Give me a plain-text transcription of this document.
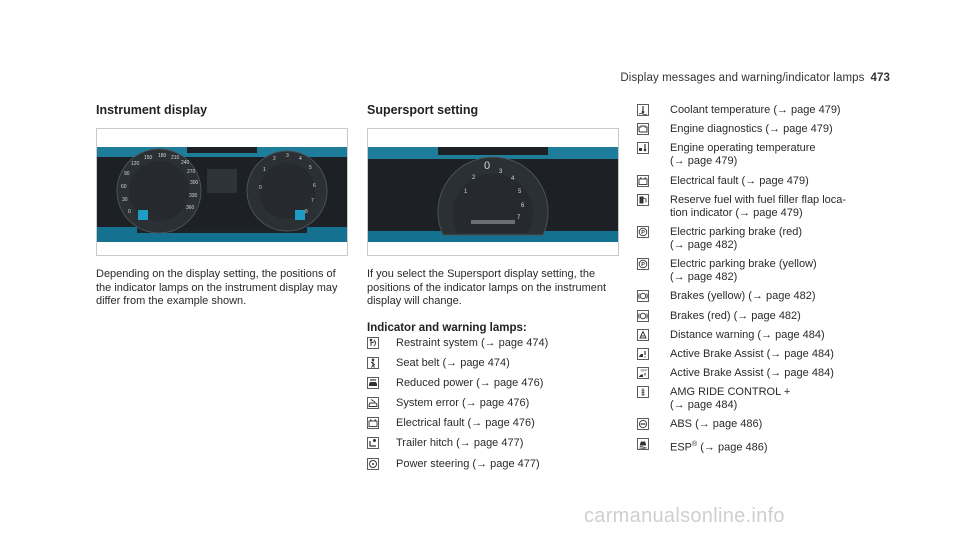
Display messages and warning/indicator lamps 473
Instrument display
150 180 210
240
120
270
90
300
60
330
30
360
0
2 3 4
5
1
6
0
7
8

Depending on the display setting, the positions of the indicator lamps on the instrument display may differ from the example shown.

Supersport setting
0
2
3
4
5
1
6
7

If you select the Supersport display setting, the positions of the indicator lamps on the instrument display will change.

Indicator and warning lamps:
Restraint system (→ page 474)
Seat belt (→ page 474)
Reduced power (→ page 476)
System error (→ page 476)
Electrical fault (→ page 476)
Trailer hitch (→ page 477)
Power steering (→ page 477)
Coolant temperature (→ page 479)
Engine diagnostics (→ page 479)
Engine operating temperature
(→ page 479)
Electrical fault (→ page 479)
Reserve fuel with fuel filler flap loca-
tion indicator (→ page 479)
P Electric parking brake (red)
(→ page 482)
P Electric parking brake (yellow)
(→ page 482)
Brakes (yellow) (→ page 482)
Brakes (red) (→ page 482)
Distance warning (→ page 484)
Active Brake Assist (→ page 484)
OFF Active Brake Assist (→ page 484)
AMG RIDE CONTROL +
(→ page 484)
ABS (→ page 486)
ESP® (→ page 486)
carmanualsonline.info
